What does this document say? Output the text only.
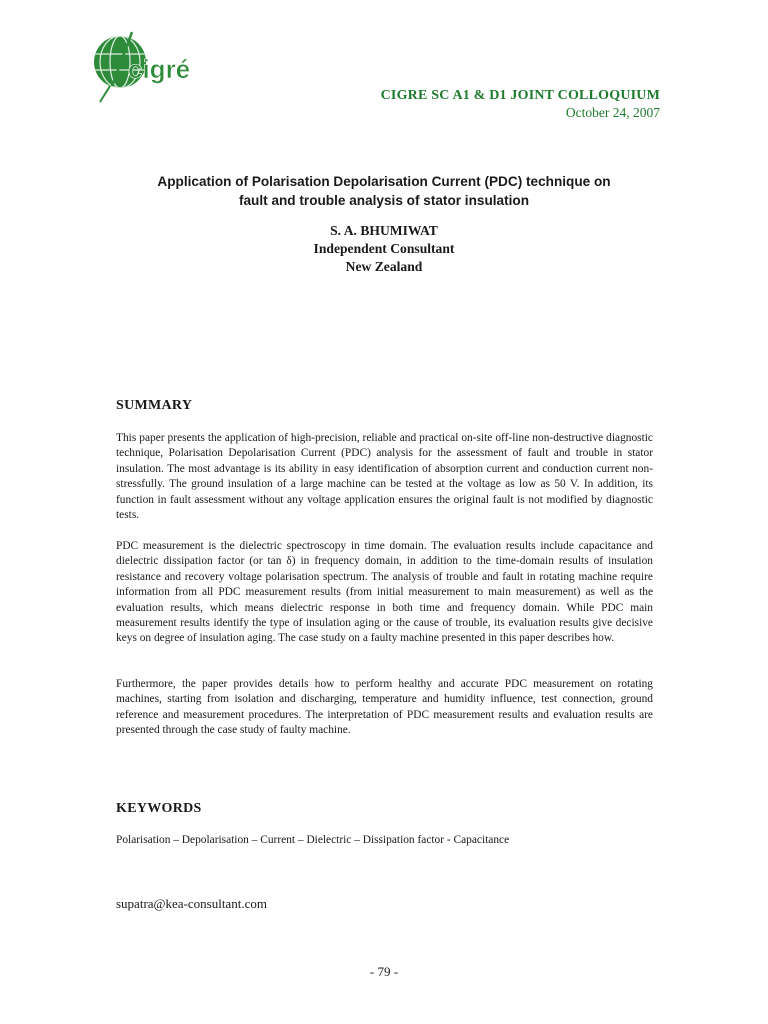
cigré
CIGRE SC A1 & D1 JOINT COLLOQUIUM
October 24, 2007
Application of Polarisation Depolarisation Current (PDC) technique on
fault and trouble analysis of stator insulation
S. A. BHUMIWAT
Independent Consultant
New Zealand
SUMMARY

This paper presents the application of high-precision, reliable and practical on-site off-line non-destructive diagnostic technique, Polarisation Depolarisation Current (PDC) analysis for the assessment of fault and trouble in stator insulation. The most advantage is its ability in easy identification of absorption current and conduction current non-stressfully. The ground insulation of a large machine can be tested at the voltage as low as 50 V. In addition, its function in fault assessment without any voltage application ensures the original fault is not modified by diagnostic tests.

PDC measurement is the dielectric spectroscopy in time domain. The evaluation results include capacitance and dielectric dissipation factor (or tan δ) in frequency domain, in addition to the time-domain results of insulation resistance and recovery voltage polarisation spectrum. The analysis of trouble and fault in rotating machine require information from all PDC measurement results (from initial measurement to main measurement) as well as the evaluation results, which means dielectric response in both time and frequency domain. While PDC main measurement results identify the type of insulation aging or the cause of trouble, its evaluation results give decisive keys on degree of insulation aging. The case study on a faulty machine presented in this paper describes how.

Furthermore, the paper provides details how to perform healthy and accurate PDC measurement on rotating machines, starting from isolation and discharging, temperature and humidity influence, test connection, ground reference and measurement procedures. The interpretation of PDC measurement results and evaluation results are presented through the case study of faulty machine.

KEYWORDS
Polarisation – Depolarisation – Current – Dielectric – Dissipation factor - Capacitance
supatra@kea-consultant.com
- 79 -
